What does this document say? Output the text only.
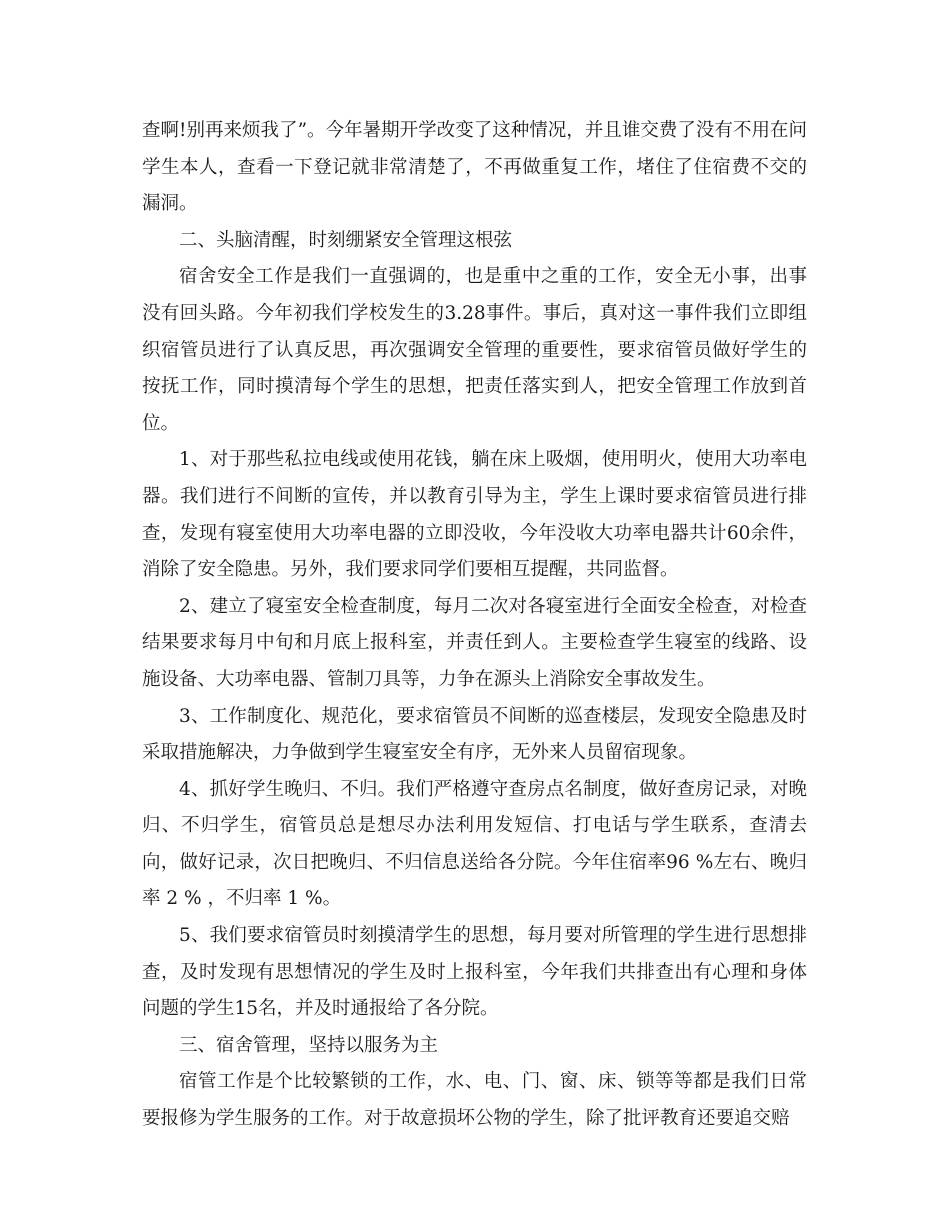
查啊!别再来烦我了”。今年暑期开学改变了这种情况，并且谁交费了没有不用在问学生本人，查看一下登记就非常清楚了，不再做重复工作，堵住了住宿费不交的漏洞。

二、头脑清醒，时刻绷紧安全管理这根弦

宿舍安全工作是我们一直强调的，也是重中之重的工作，安全无小事，出事没有回头路。今年初我们学校发生的3.28事件。事后，真对这一事件我们立即组织宿管员进行了认真反思，再次强调安全管理的重要性，要求宿管员做好学生的按抚工作，同时摸清每个学生的思想，把责任落实到人，把安全管理工作放到首位。

1、对于那些私拉电线或使用花钱，躺在床上吸烟，使用明火，使用大功率电器。我们进行不间断的宣传，并以教育引导为主，学生上课时要求宿管员进行排查，发现有寝室使用大功率电器的立即没收，今年没收大功率电器共计60余件，消除了安全隐患。另外，我们要求同学们要相互提醒，共同监督。

2、建立了寝室安全检查制度，每月二次对各寝室进行全面安全检查，对检查结果要求每月中旬和月底上报科室，并责任到人。主要检查学生寝室的线路、设施设备、大功率电器、管制刀具等，力争在源头上消除安全事故发生。

3、工作制度化、规范化，要求宿管员不间断的巡查楼层，发现安全隐患及时采取措施解决，力争做到学生寝室安全有序，无外来人员留宿现象。

4、抓好学生晚归、不归。我们严格遵守查房点名制度，做好查房记录，对晚归、不归学生，宿管员总是想尽办法利用发短信、打电话与学生联系，查清去向，做好记录，次日把晚归、不归信息送给各分院。今年住宿率96 %左右、晚归率 2 % ，不归率 1 %。

5、我们要求宿管员时刻摸清学生的思想，每月要对所管理的学生进行思想排查，及时发现有思想情况的学生及时上报科室，今年我们共排查出有心理和身体问题的学生15名，并及时通报给了各分院。

三、宿舍管理，坚持以服务为主

宿管工作是个比较繁锁的工作，水、电、门、窗、床、锁等等都是我们日常要报修为学生服务的工作。对于故意损坏公物的学生，除了批评教育还要追交赔
